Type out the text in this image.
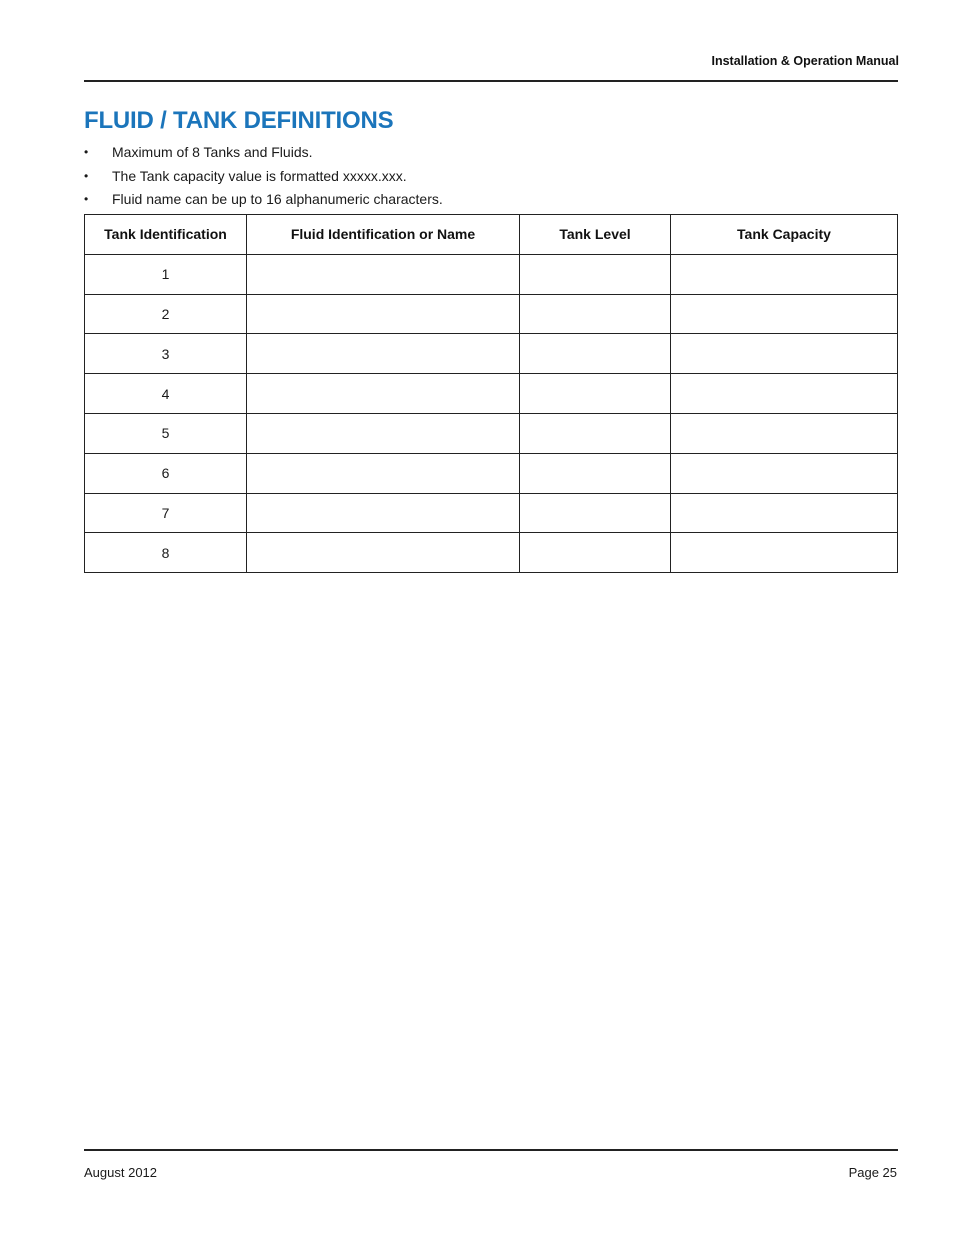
Installation & Operation Manual
FLUID / TANK DEFINITIONS
• Maximum of 8 Tanks and Fluids.
• The Tank capacity value is formatted xxxxx.xxx.
• Fluid name can be up to 16 alphanumeric characters.
Tank Identification	Fluid Identification or Name	Tank Level	Tank Capacity
1			
2			
3			
4			
5			
6			
7			
8			
August 2012	Page 25
